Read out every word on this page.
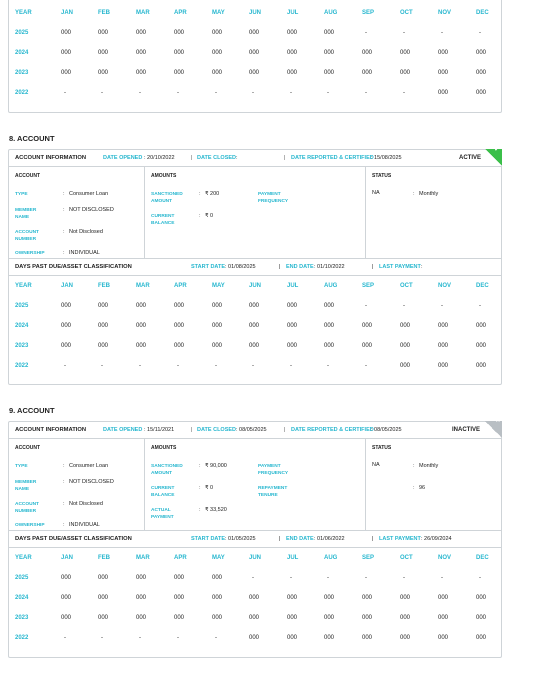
YEAR	JAN	FEB	MAR	APR	MAY	JUN	JUL	AUG	SEP	OCT	NOV	DEC
2025	000	000	000	000	000	000	000	000	-	-	-	-
2024	000	000	000	000	000	000	000	000	000	000	000	000
2023	000	000	000	000	000	000	000	000	000	000	000	000
2022	-	-	-	-	-	-	-	-	-	-	000	000
8. ACCOUNT
ACCOUNT INFORMATION	DATE OPENED : 20/10/2022	| DATE CLOSED :	| DATE REPORTED & CERTIFIED
: 15/08/2025	ACTIVE
✓
ACCOUNT
TYPE	: Consumer Loan
MEMBER
NAME
: NOT DISCLOSED
ACCOUNT
NUMBER
: Not Disclosed
OWNERSHIP	: INDIVIDUAL
AMOUNTS
SANCTIONED
AMOUNT
: ₹ 200
CURRENT
BALANCE
: ₹ 0
PAYMENT
FREQUENCY
: Monthly
STATUS
NA
DAYS PAST DUE/ASSET CLASSIFICATION	START DATE : 01/08/2025	| END DATE : 01/10/2022	| LAST PAYMENT :
YEAR	JAN	FEB	MAR	APR	MAY	JUN	JUL	AUG	SEP	OCT	NOV	DEC
2025	000	000	000	000	000	000	000	000	-	-	-	-
2024	000	000	000	000	000	000	000	000	000	000	000	000
2023	000	000	000	000	000	000	000	000	000	000	000	000
2022	-	-	-	-	-	-	-	-	-	000	000	000
9. ACCOUNT
ACCOUNT INFORMATION	DATE OPENED : 15/11/2021	| DATE CLOSED : 08/05/2025	| DATE REPORTED & CERTIFIED
: 08/05/2025	INACTIVE
×
ACCOUNT
TYPE	: Consumer Loan
MEMBER
NAME
: NOT DISCLOSED
ACCOUNT
NUMBER
: Not Disclosed
OWNERSHIP	: INDIVIDUAL
AMOUNTS
SANCTIONED
AMOUNT
: ₹ 90,000
CURRENT
BALANCE
: ₹ 0
ACTUAL
PAYMENT
: ₹ 33,520
PAYMENT
FREQUENCY
: Monthly
REPAYMENT
TENURE
: 96
STATUS
NA
DAYS PAST DUE/ASSET CLASSIFICATION	START DATE : 01/05/2025	| END DATE : 01/06/2022	| LAST PAYMENT : 26/09/2024
YEAR	JAN	FEB	MAR	APR	MAY	JUN	JUL	AUG	SEP	OCT	NOV	DEC
2025	000	000	000	000	000	-	-	-	-	-	-	-
2024	000	000	000	000	000	000	000	000	000	000	000	000
2023	000	000	000	000	000	000	000	000	000	000	000	000
2022	-	-	-	-	-	000	000	000	000	000	000	000
